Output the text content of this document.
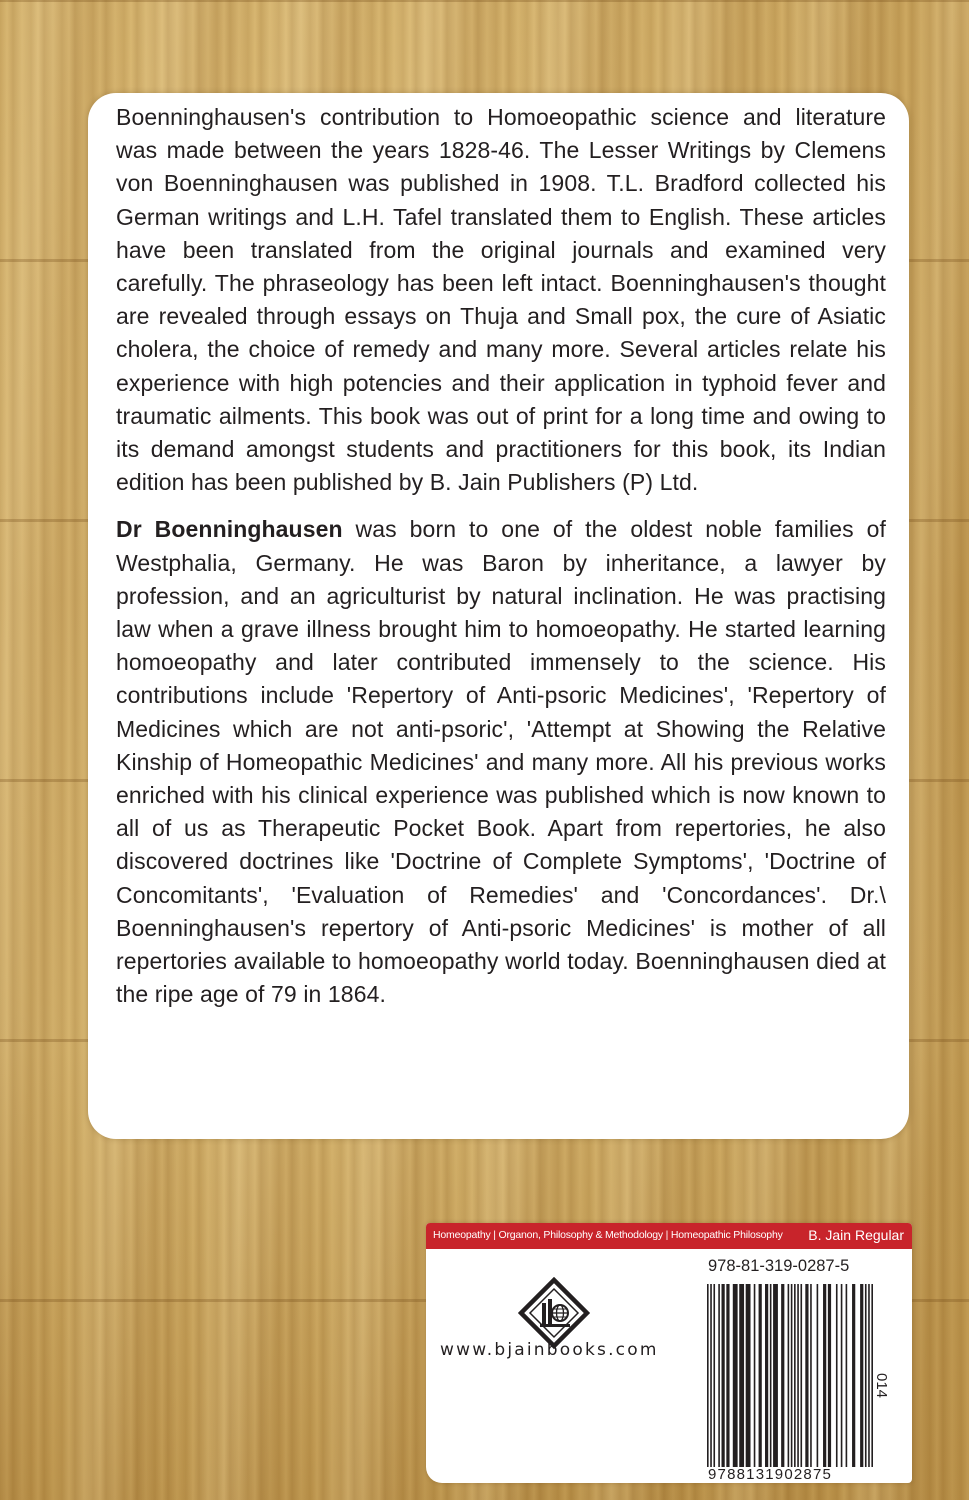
Boenninghausen's contribution to Homoeopathic science and literature was made between the years 1828-46. The Lesser Writings by Clemens von Boenninghausen was published in 1908. T.L. Bradford collected his German writings and L.H. Tafel translated them to English. These articles have been translated from the original journals and examined very carefully. The phraseology has been left intact. Boenninghausen's thought are revealed through essays on Thuja and Small pox, the cure of Asiatic cholera, the choice of remedy and many more. Several articles relate his experience with high potencies and their application in typhoid fever and traumatic ailments. This book was out of print for a long time and owing to its demand amongst students and practitioners for this book, its Indian edition has been published by B. Jain Publishers (P) Ltd.

Dr Boenninghausen was born to one of the oldest noble families of Westphalia, Germany. He was Baron by inheritance, a lawyer by profession, and an agriculturist by natural inclination. He was practising law when a grave illness brought him to homoeopathy. He started learning homoeopathy and later contributed immensely to the science. His contributions include 'Repertory of Anti-psoric Medicines', 'Repertory of Medicines which are not anti-psoric', 'Attempt at Showing the Relative Kinship of Homeopathic Medicines' and many more. All his previous works enriched with his clinical experience was published which is now known to all of us as Therapeutic Pocket Book. Apart from repertories, he also discovered doctrines like 'Doctrine of Complete Symptoms', 'Doctrine of Concomitants', 'Evaluation of Remedies' and 'Concordances'. Dr.\ Boenninghausen's repertory of Anti-psoric Medicines' is mother of all repertories available to homoeopathy world today. Boenninghausen died at the ripe age of 79 in 1864.

Homeopathy | Organon, Philosophy & Methodology | Homeopathic Philosophy B. Jain Regular
www.bjainbooks.com
978-81-319-0287-5
9788131902875
014
